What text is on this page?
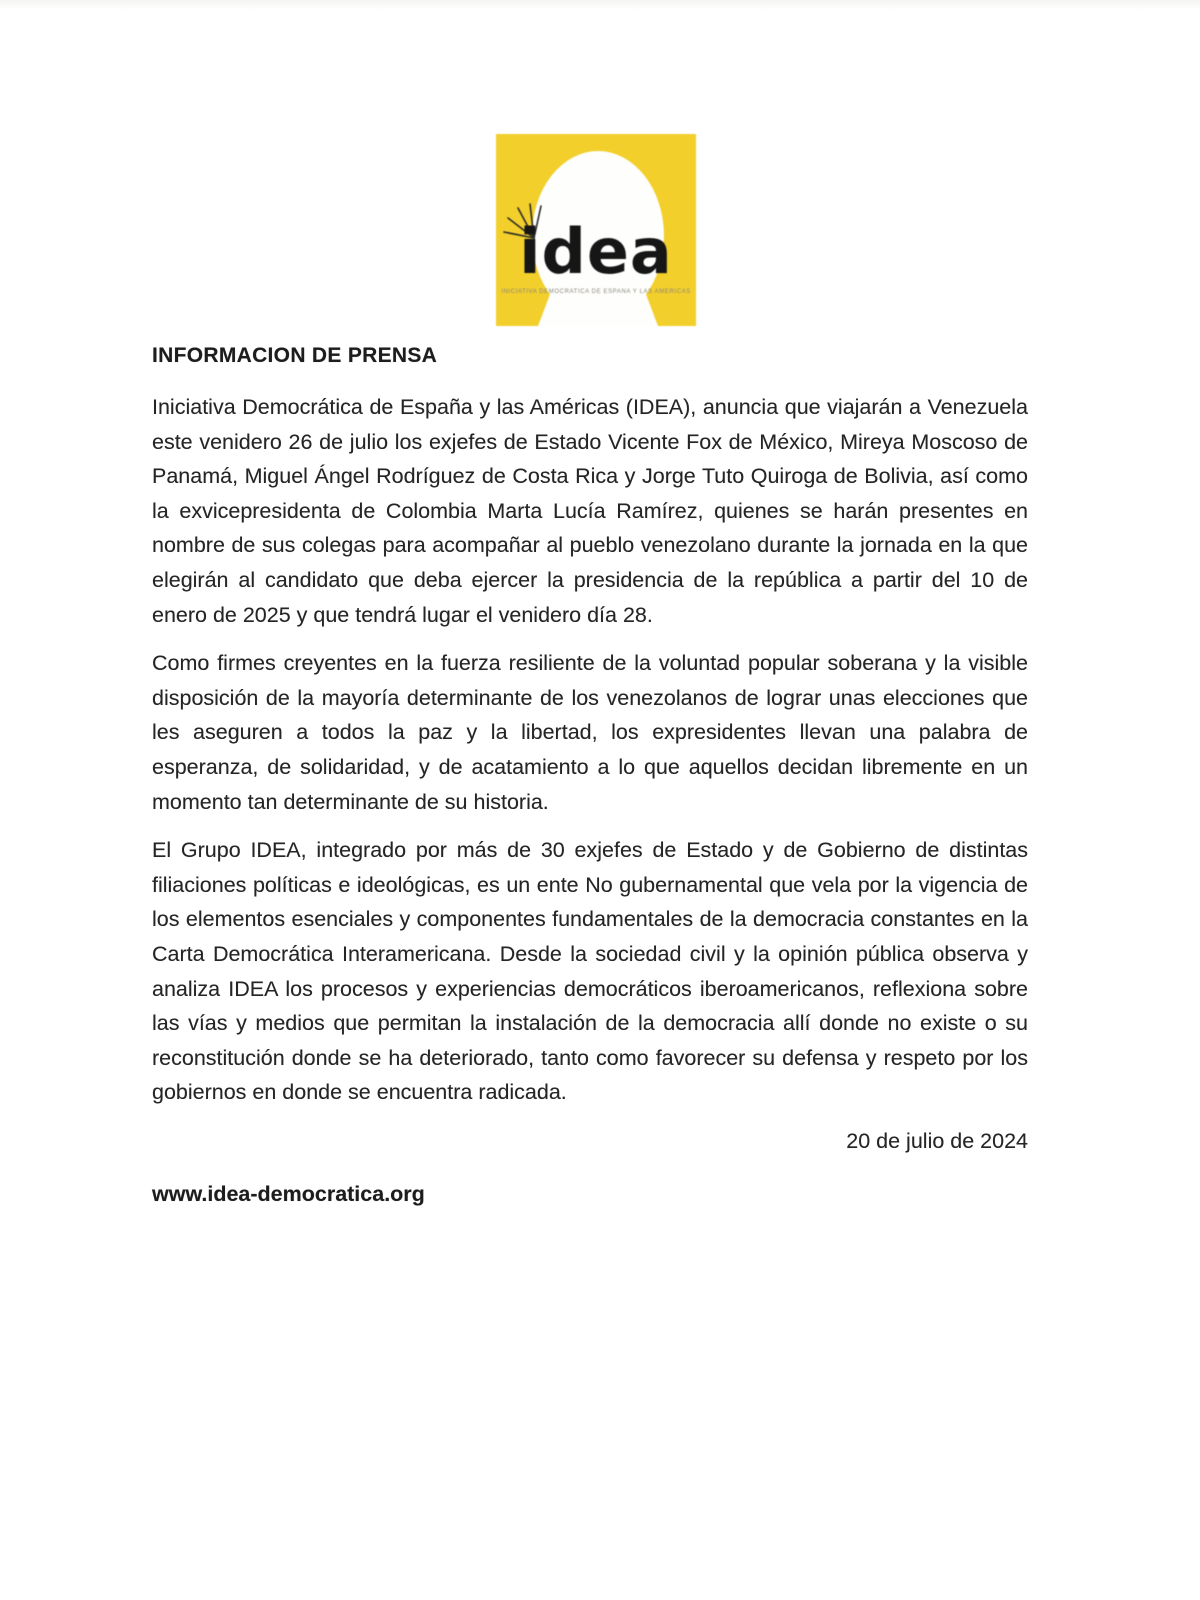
idea
INICIATIVA DEMOCRATICA DE ESPAÑA Y LAS AMERICAS
INFORMACION DE PRENSA

Iniciativa Democrática de España y las Américas (IDEA), anuncia que viajarán a Venezuela este venidero 26 de julio los exjefes de Estado Vicente Fox de México, Mireya Moscoso de Panamá, Miguel Ángel Rodríguez de Costa Rica y Jorge Tuto Quiroga de Bolivia, así como la exvicepresidenta de Colombia Marta Lucía Ramírez, quienes se harán presentes en nombre de sus colegas para acompañar al pueblo venezolano durante la jornada en la que elegirán al candidato que deba ejercer la presidencia de la república a partir del 10 de enero de 2025 y que tendrá lugar el venidero día 28.

Como firmes creyentes en la fuerza resiliente de la voluntad popular soberana y la visible disposición de la mayoría determinante de los venezolanos de lograr unas elecciones que les aseguren a todos la paz y la libertad, los expresidentes llevan una palabra de esperanza, de solidaridad, y de acatamiento a lo que aquellos decidan libremente en un momento tan determinante de su historia.

El Grupo IDEA, integrado por más de 30 exjefes de Estado y de Gobierno de distintas filiaciones políticas e ideológicas, es un ente No gubernamental que vela por la vigencia de los elementos esenciales y componentes fundamentales de la democracia constantes en la Carta Democrática Interamericana. Desde la sociedad civil y la opinión pública observa y analiza IDEA los procesos y experiencias democráticos iberoamericanos, reflexiona sobre las vías y medios que permitan la instalación de la democracia allí donde no existe o su reconstitución donde se ha deteriorado, tanto como favorecer su defensa y respeto por los gobiernos en donde se encuentra radicada.

20 de julio de 2024
www.idea-democratica.org
